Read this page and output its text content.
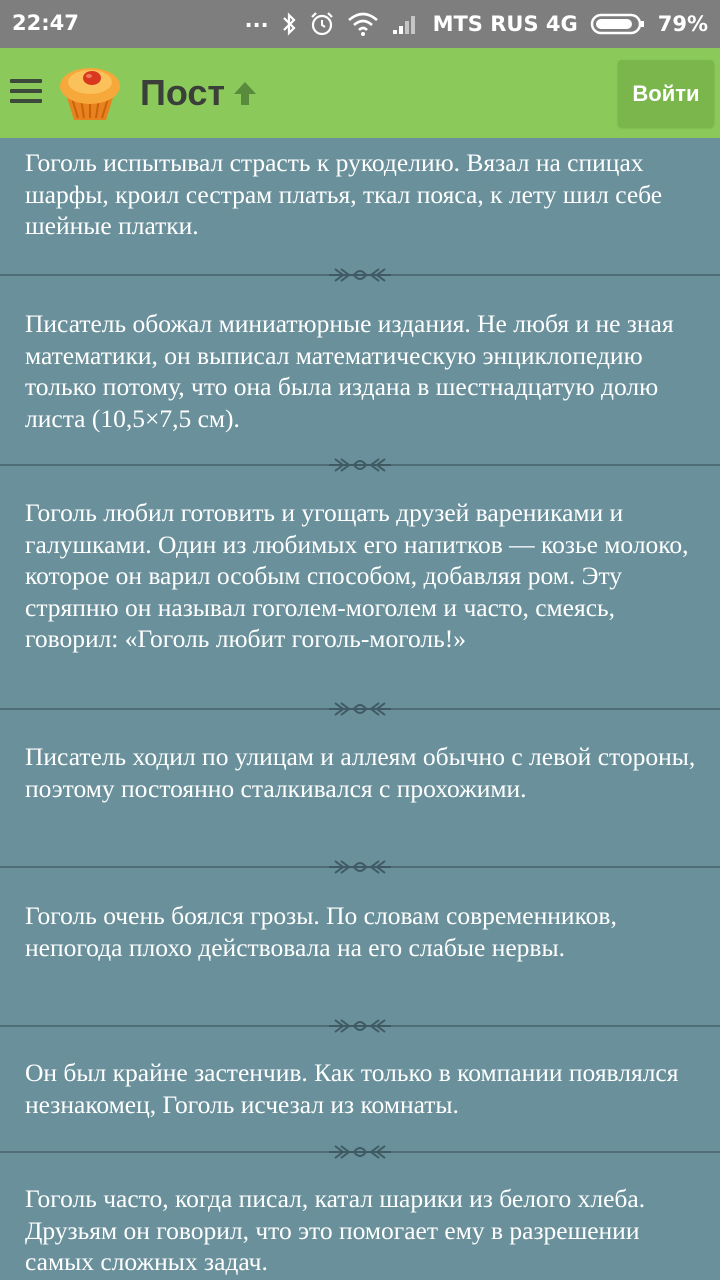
22:47	...	MTS RUS 4G	79%
Пост	Войти
Гоголь испытывал страсть к рукоделию. Вязал на спицах шарфы, кроил сестрам платья, ткал пояса, к лету шил себе шейные платки.
Писатель обожал миниатюрные издания. Не любя и не зная математики, он выписал математическую энциклопедию только потому, что она была издана в шестнадцатую долю листа (10,5×7,5 см).
Гоголь любил готовить и угощать друзей варениками и галушками. Один из любимых его напитков — козье молоко, которое он варил особым способом, добавляя ром. Эту стряпню он называл гоголем-моголем и часто, смеясь, говорил: «Гоголь любит гоголь-моголь!»
Писатель ходил по улицам и аллеям обычно с левой стороны, поэтому постоянно сталкивался с прохожими.
Гоголь очень боялся грозы. По словам современников, непогода плохо действовала на его слабые нервы.
Он был крайне застенчив. Как только в компании появлялся незнакомец, Гоголь исчезал из комнаты.
Гоголь часто, когда писал, катал шарики из белого хлеба. Друзьям он говорил, что это помогает ему в разрешении самых сложных задач.
